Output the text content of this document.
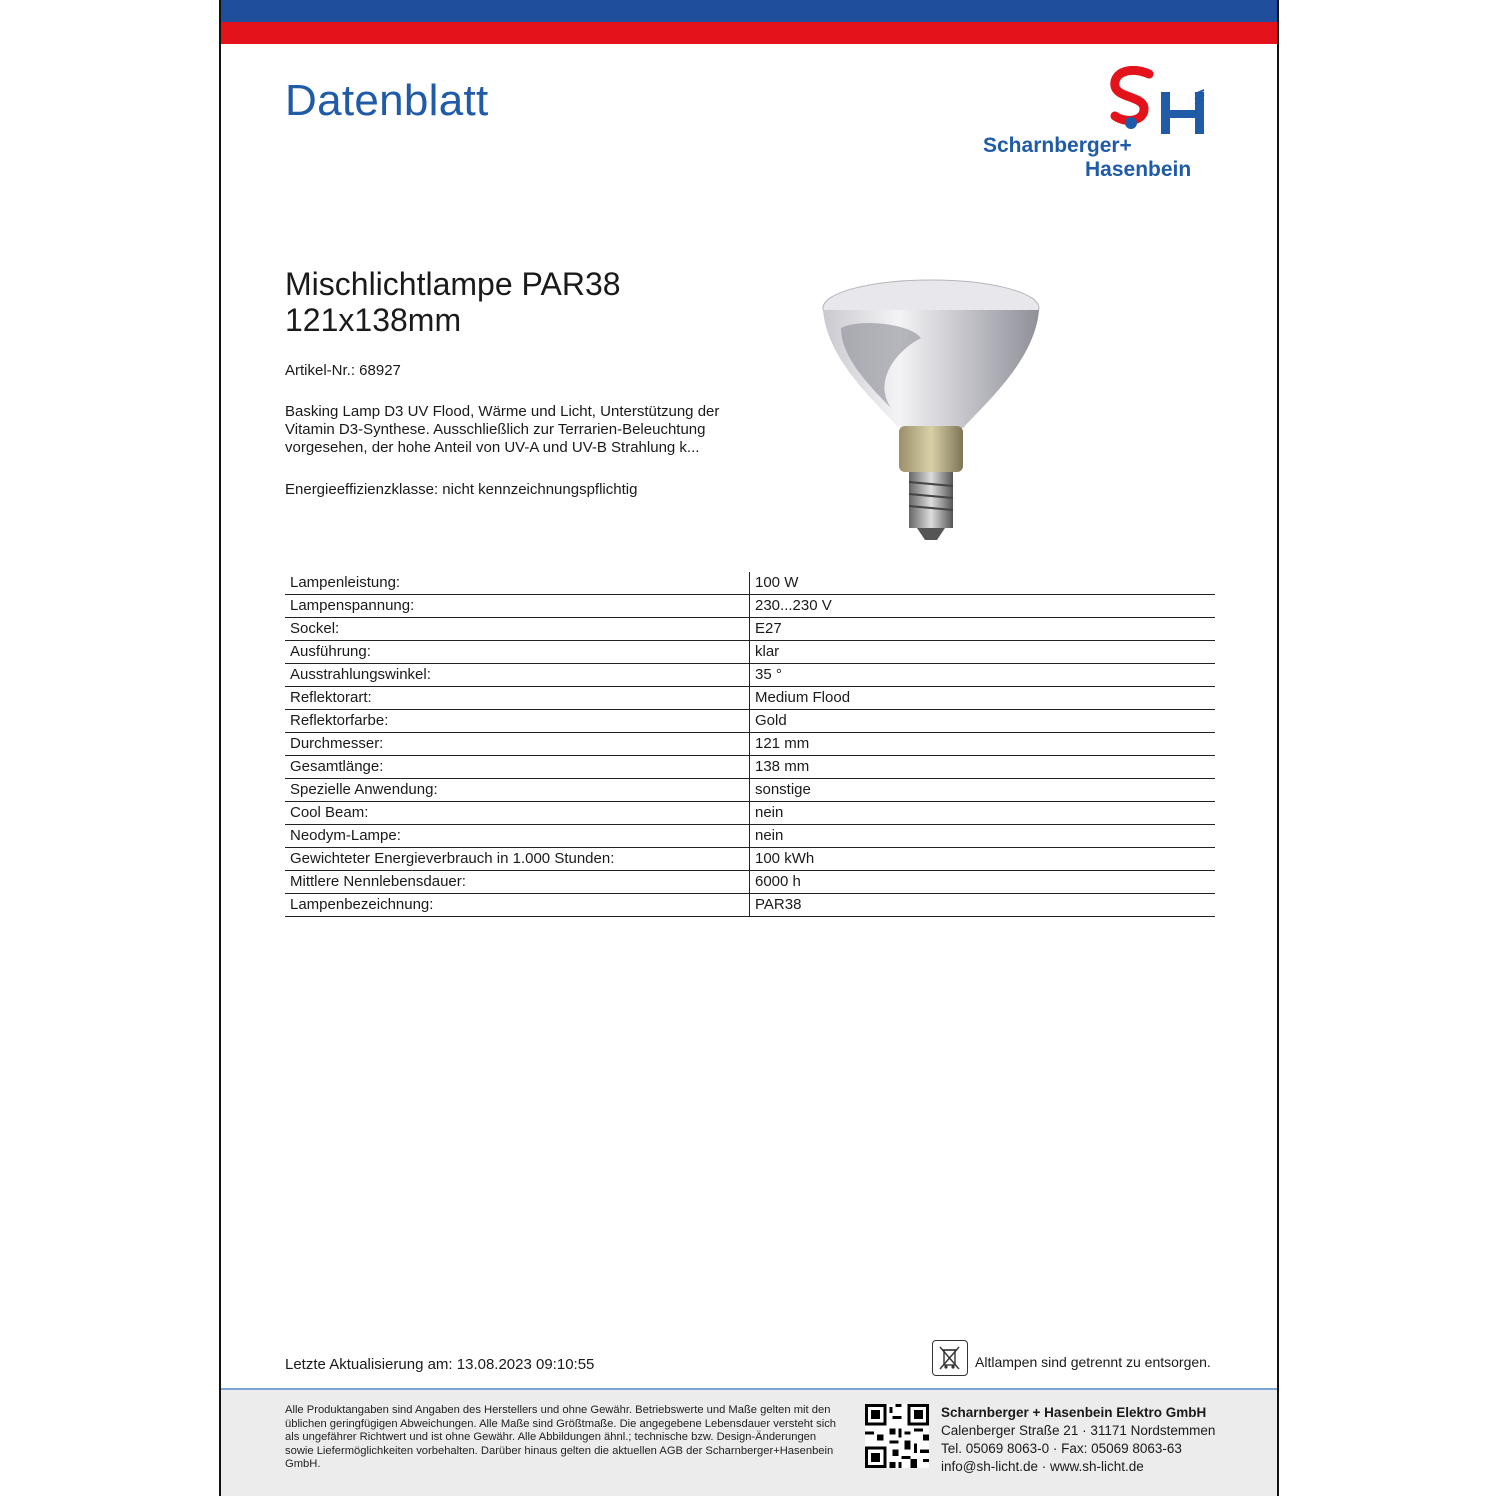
Datenblatt
Scharnberger+
Hasenbein
Mischlichtlampe PAR38
121x138mm
Artikel-Nr.: 68927

Basking Lamp D3 UV Flood, Wärme und Licht, Unterstützung der Vitamin D3-Synthese. Ausschließlich zur Terrarien-Beleuchtung vorgesehen, der hohe Anteil von UV-A und UV-B Strahlung k...

Energieeffizienzklasse: nicht kennzeichnungspflichtig
Lampenleistung:	100 W
Lampenspannung:	230...230 V
Sockel:	E27
Ausführung:	klar
Ausstrahlungswinkel:	35 °
Reflektorart:	Medium Flood
Reflektorfarbe:	Gold
Durchmesser:	121 mm
Gesamtlänge:	138 mm
Spezielle Anwendung:	sonstige
Cool Beam:	nein
Neodym-Lampe:	nein
Gewichteter Energieverbrauch in 1.000 Stunden:	100 kWh
Mittlere Nennlebensdauer:	6000 h
Lampenbezeichnung:	PAR38
Letzte Aktualisierung am: 13.08.2023 09:10:55	Altlampen sind getrennt zu entsorgen.

Alle Produktangaben sind Angaben des Herstellers und ohne Gewähr. Betriebswerte und Maße gelten mit den üblichen geringfügigen Abweichungen. Alle Maße sind Größtmaße. Die angegebene Lebensdauer versteht sich als ungefährer Richtwert und ist ohne Gewähr. Alle Abbildungen ähnl.; technische bzw. Design-Änderungen sowie Liefermöglichkeiten vorbehalten. Darüber hinaus gelten die aktuellen AGB der Scharnberger+Hasenbein GmbH.

Scharnberger + Hasenbein Elektro GmbH
Calenberger Straße 21 · 31171 Nordstemmen
Tel. 05069 8063-0 · Fax: 05069 8063-63
info@sh-licht.de · www.sh-licht.de
